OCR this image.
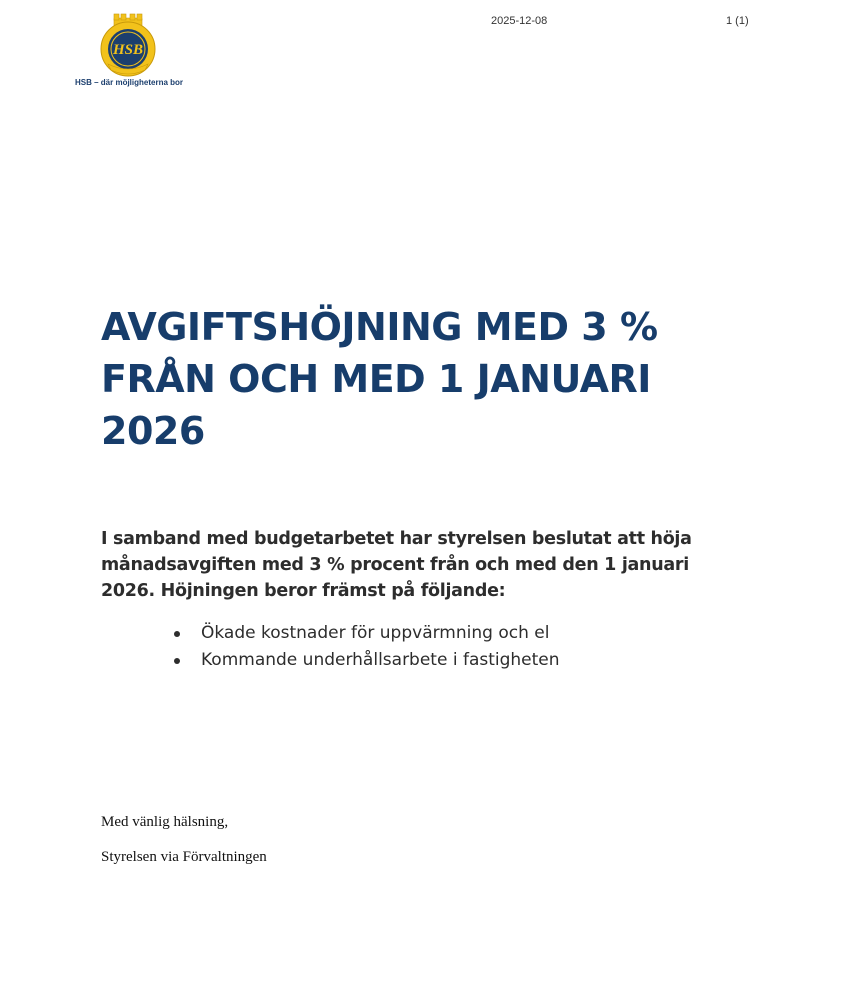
HSB
HSB – där möjligheterna bor
2025-12-08	1 (1)
AVGIFTSHÖJNING MED 3 %
FRÅN OCH MED 1 JANUARI
2026

I samband med budgetarbetet har styrelsen beslutat att höja
månadsavgiften med 3 % procent från och med den 1 januari
2026. Höjningen beror främst på följande:

Ökade kostnader för uppvärmning och el
Kommande underhållsarbete i fastigheten
Med vänlig hälsning,
Styrelsen via Förvaltningen
